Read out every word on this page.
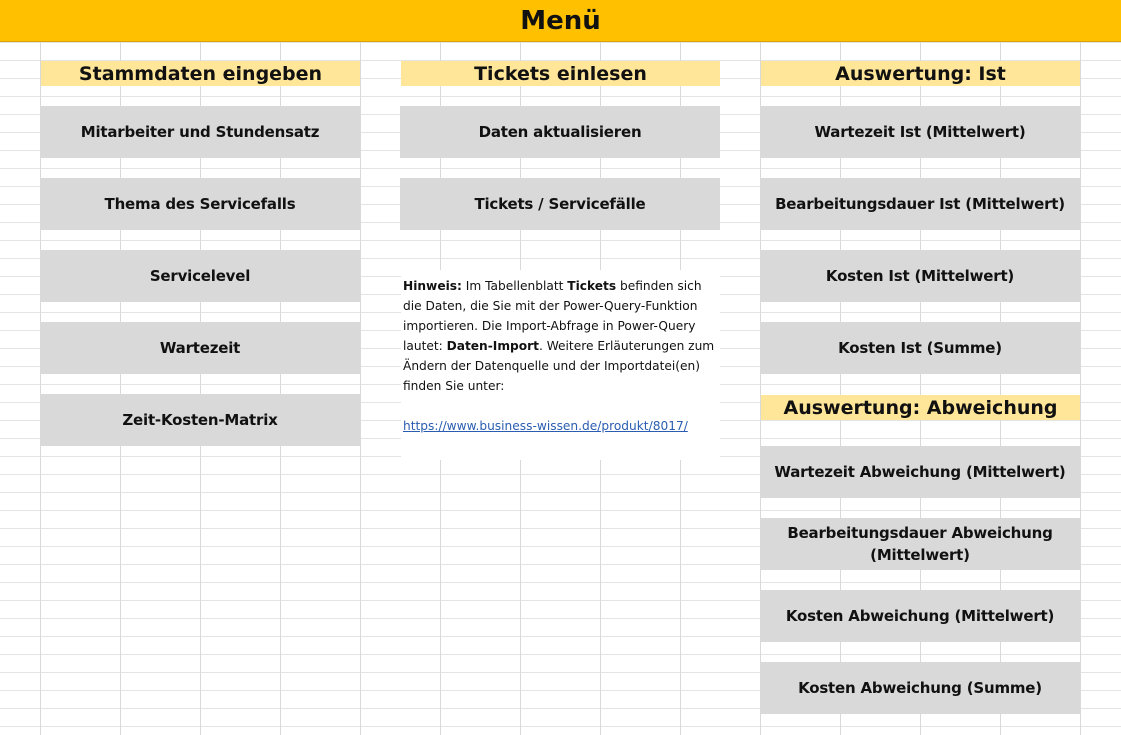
Menü
Stammdaten eingeben
Mitarbeiter und Stundensatz
Thema des Servicefalls
Servicelevel
Wartezeit
Zeit-Kosten-Matrix
Tickets einlesen
Daten aktualisieren
Tickets / Servicefälle
Hinweis: Im Tabellenblatt Tickets befinden sich die Daten, die Sie mit der Power-Query-Funktion importieren. Die Import-Abfrage in Power-Query lautet: Daten-Import. Weitere Erläuterungen zum Ändern der Datenquelle und der Importdatei(en) finden Sie unter:
https://www.business-wissen.de/produkt/8017/
Auswertung: Ist
Wartezeit Ist (Mittelwert)
Bearbeitungsdauer Ist (Mittelwert)
Kosten Ist (Mittelwert)
Kosten Ist (Summe)
Auswertung: Abweichung
Wartezeit Abweichung (Mittelwert)
Bearbeitungsdauer Abweichung (Mittelwert)
Kosten Abweichung (Mittelwert)
Kosten Abweichung (Summe)
